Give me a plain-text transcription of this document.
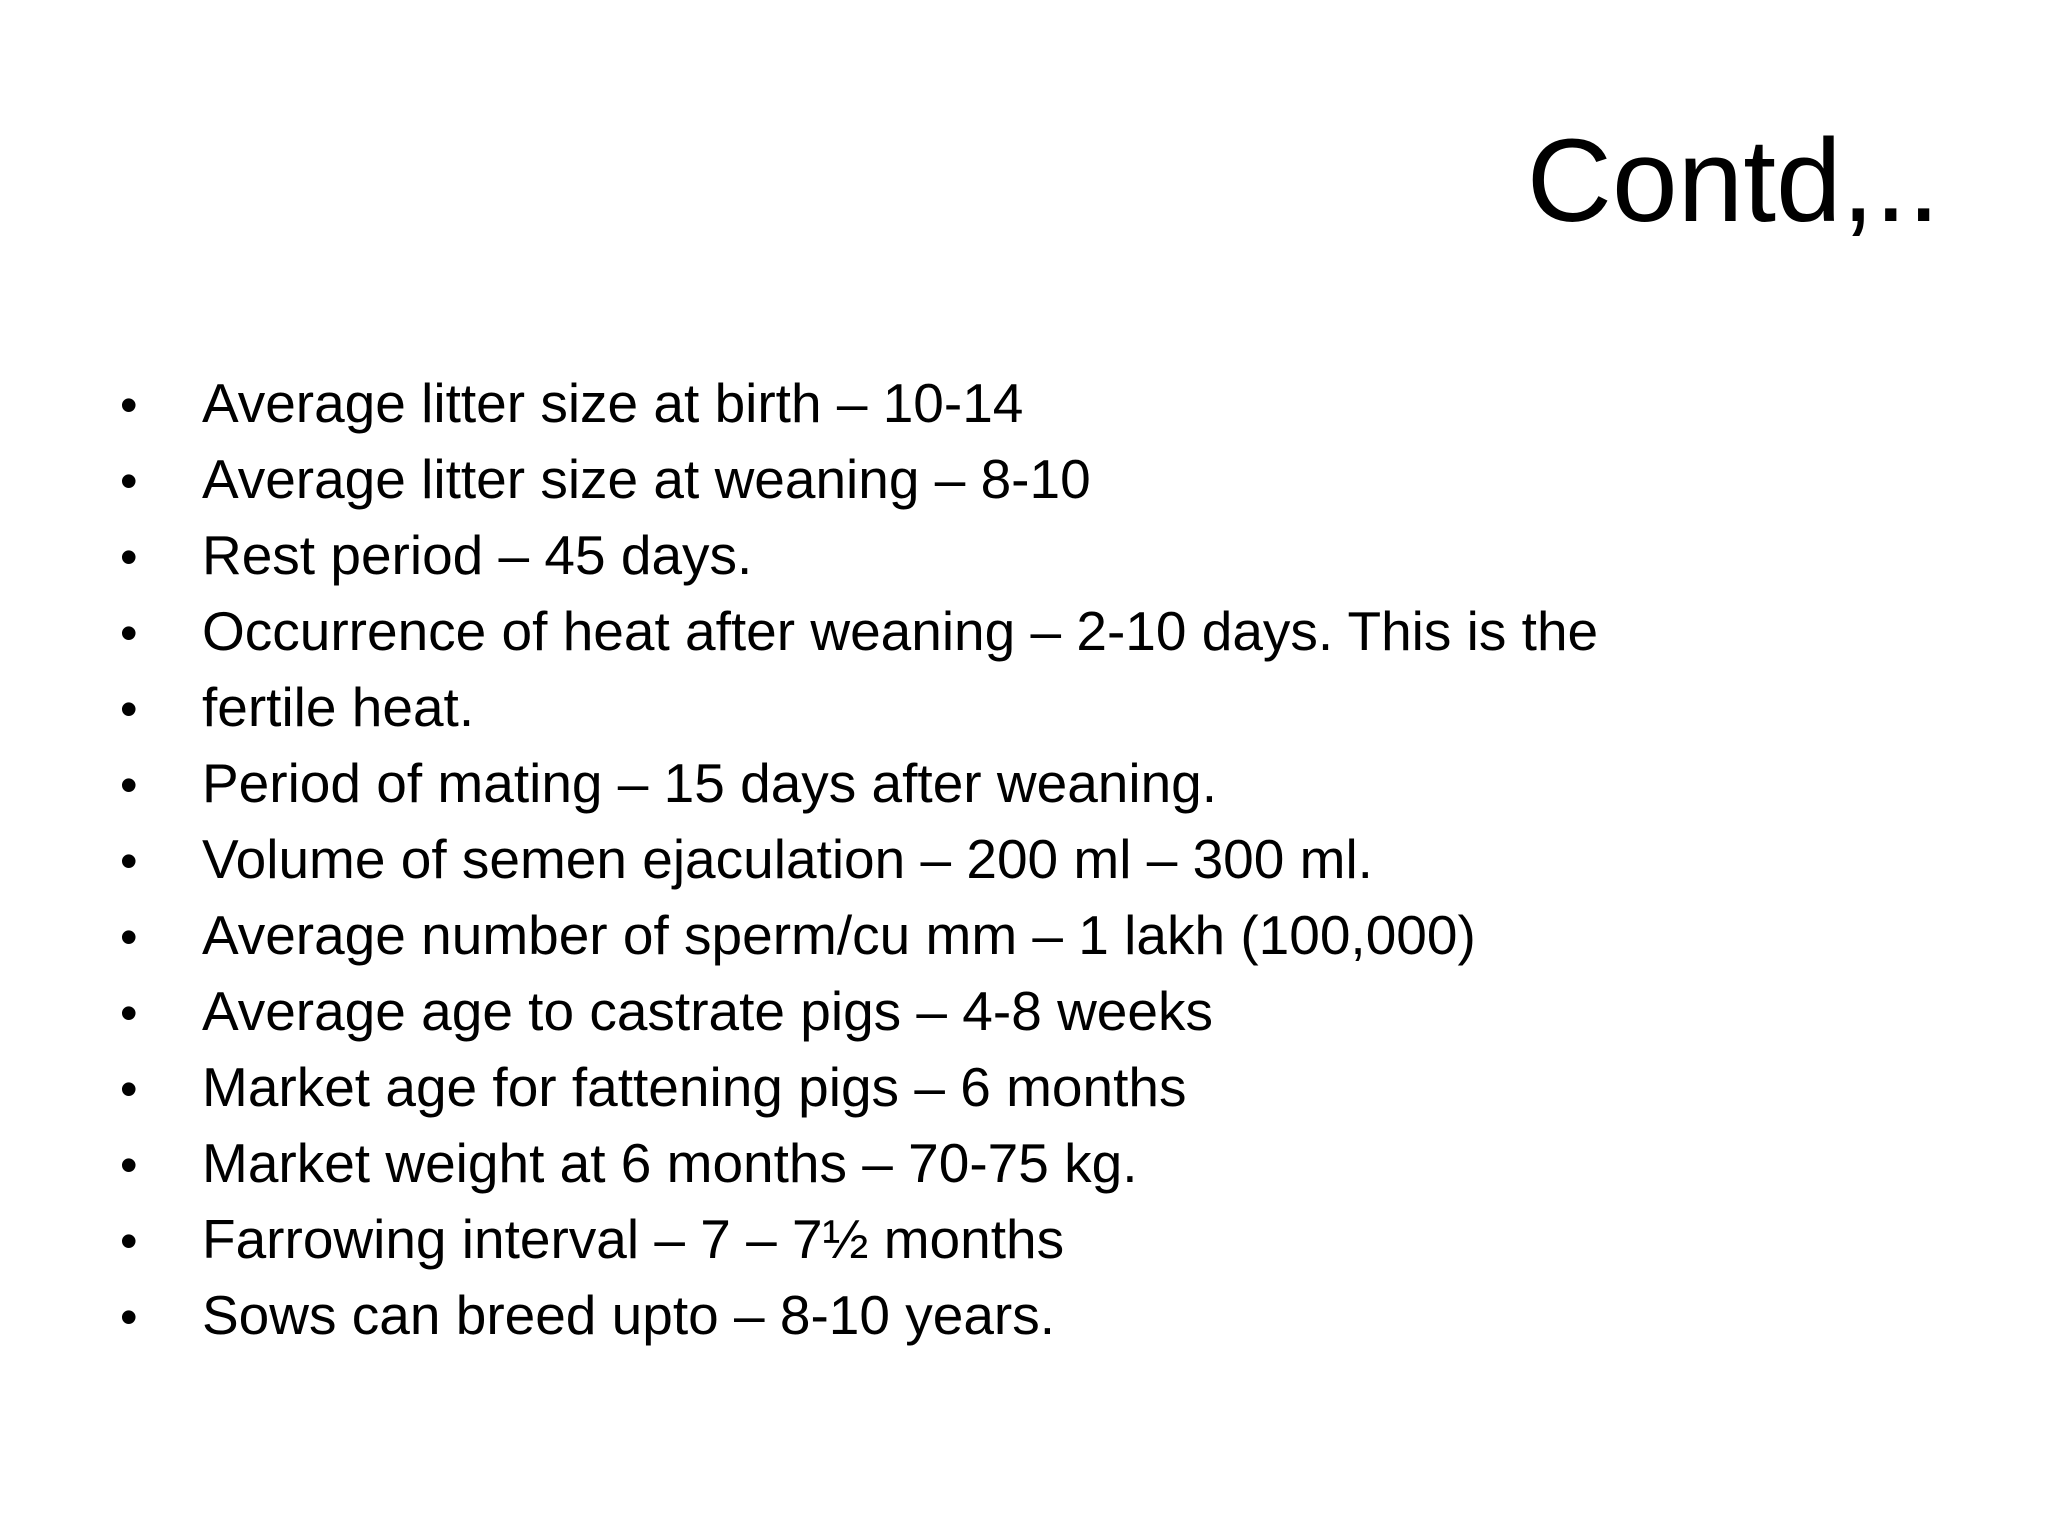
Contd,..
•	Average litter size at birth – 10-14
•	Average litter size at weaning – 8-10
•	Rest period – 45 days.
•	Occurrence of heat after weaning – 2-10 days. This is the
•	fertile heat.
•	Period of mating – 15 days after weaning.
•	Volume of semen ejaculation – 200 ml – 300 ml.
•	Average number of sperm/cu mm – 1 lakh (100,000)
•	Average age to castrate pigs – 4-8 weeks
•	Market age for fattening pigs – 6 months
•	Market weight at 6 months – 70-75 kg.
•	Farrowing interval – 7 – 7½ months
•	Sows can breed upto – 8-10 years.
